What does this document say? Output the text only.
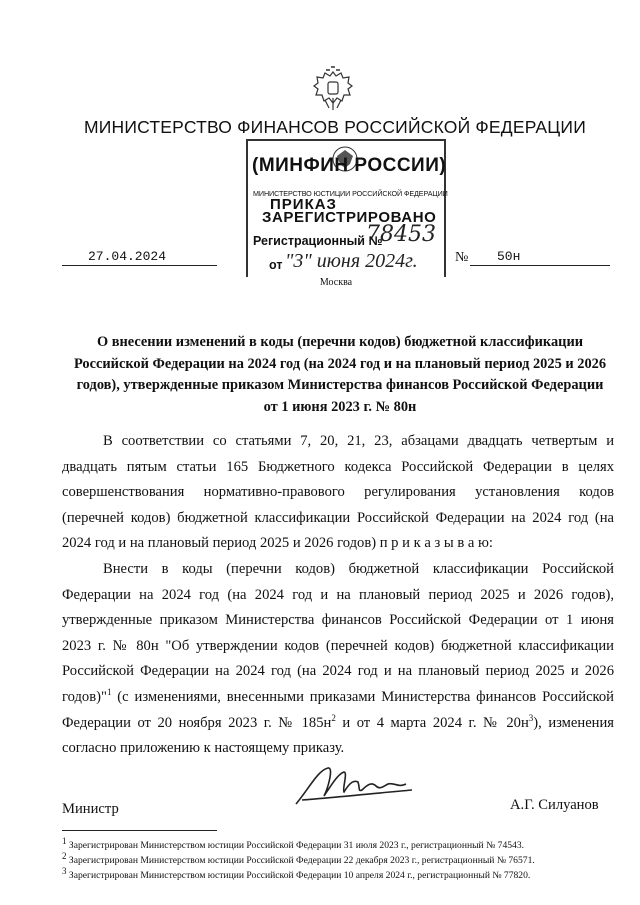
МИНИСТЕРСТВО ФИНАНСОВ РОССИЙСКОЙ ФЕДЕРАЦИИ
(МИНФИН РОССИИ)
МИНИСТЕРСТВО ЮСТИЦИИ РОССИЙСКОЙ ФЕДЕРАЦИИ
ПРИКАЗ
ЗАРЕГИСТРИРОВАНО
Регистрационный №
78453
от "3" июня 2024г.
27.04.2024	№ 50н
Москва
О внесении изменений в коды (перечни кодов) бюджетной классификации Российской Федерации на 2024 год (на 2024 год и на плановый период 2025 и 2026 годов), утвержденные приказом Министерства финансов Российской Федерации от 1 июня 2023 г. № 80н

В соответствии со статьями 7, 20, 21, 23, абзацами двадцать четвертым и двадцать пятым статьи 165 Бюджетного кодекса Российской Федерации в целях совершенствования нормативно-правового регулирования установления кодов (перечней кодов) бюджетной классификации Российской Федерации на 2024 год (на 2024 год и на плановый период 2025 и 2026 годов) п р и к а з ы в а ю:

Внести в коды (перечни кодов) бюджетной классификации Российской Федерации на 2024 год (на 2024 год и на плановый период 2025 и 2026 годов), утвержденные приказом Министерства финансов Российской Федерации от 1 июня 2023 г. № 80н "Об утверждении кодов (перечней кодов) бюджетной классификации Российской Федерации на 2024 год (на 2024 год и на плановый период 2025 и 2026 годов)"$^1$ (с изменениями, внесенными приказами Министерства финансов Российской Федерации от 20 ноября 2023 г. № $185н^2$ и от 4 марта 2024 г. № $20н^3$), изменения согласно приложению к настоящему приказу.

Министр	А.Г. Силуанов
$^1$ Зарегистрирован Министерством юстиции Российской Федерации 31 июля 2023 г., регистрационный № 74543.
$^2$ Зарегистрирован Министерством юстиции Российской Федерации 22 декабря 2023 г., регистрационный № 76571.
$^3$ Зарегистрирован Министерством юстиции Российской Федерации 10 апреля 2024 г., регистрационный № 77820.
